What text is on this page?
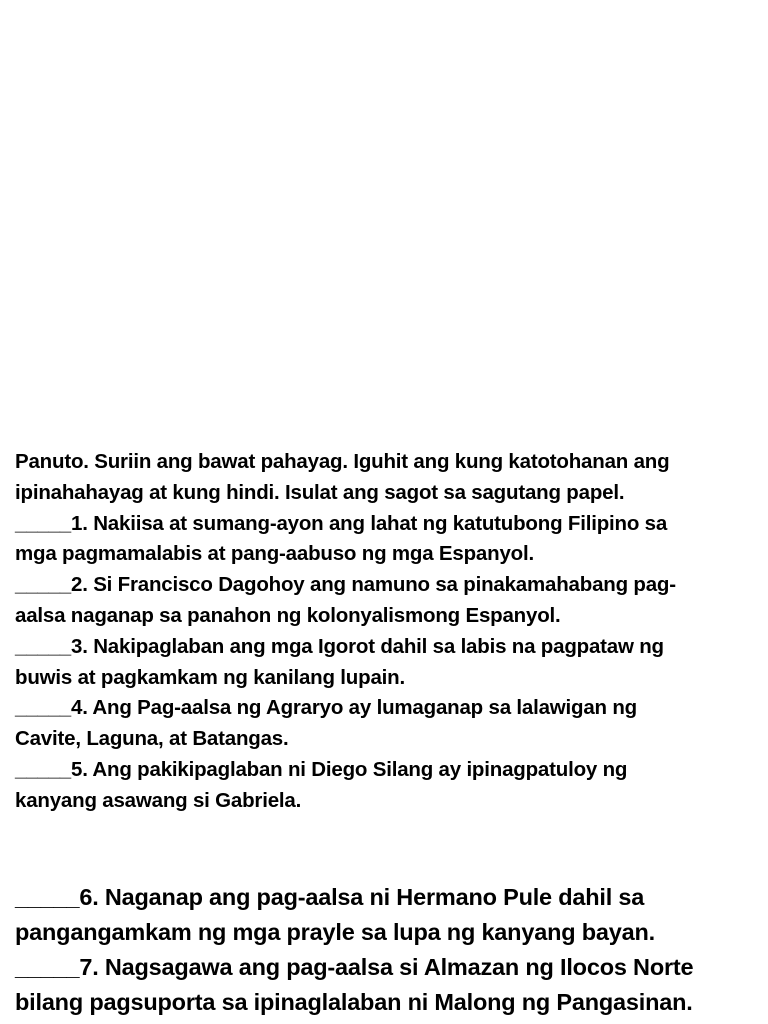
Panuto. Suriin ang bawat pahayag. Iguhit ang kung katotohanan ang
ipinahahayag at kung hindi. Isulat ang sagot sa sagutang papel.
_____1. Nakiisa at sumang-ayon ang lahat ng katutubong Filipino sa
mga pagmamalabis at pang-aabuso ng mga Espanyol.
_____2. Si Francisco Dagohoy ang namuno sa pinakamahabang pag-
aalsa naganap sa panahon ng kolonyalismong Espanyol.
_____3. Nakipaglaban ang mga Igorot dahil sa labis na pagpataw ng
buwis at pagkamkam ng kanilang lupain.
_____4. Ang Pag-aalsa ng Agraryo ay lumaganap sa lalawigan ng
Cavite, Laguna, at Batangas.
_____5. Ang pakikipaglaban ni Diego Silang ay ipinagpatuloy ng
kanyang asawang si Gabriela.
_____6. Naganap ang pag-aalsa ni Hermano Pule dahil sa
pangangamkam ng mga prayle sa lupa ng kanyang bayan.
_____7. Nagsagawa ang pag-aalsa si Almazan ng Ilocos Norte
bilang pagsuporta sa ipinaglalaban ni Malong ng Pangasinan.
